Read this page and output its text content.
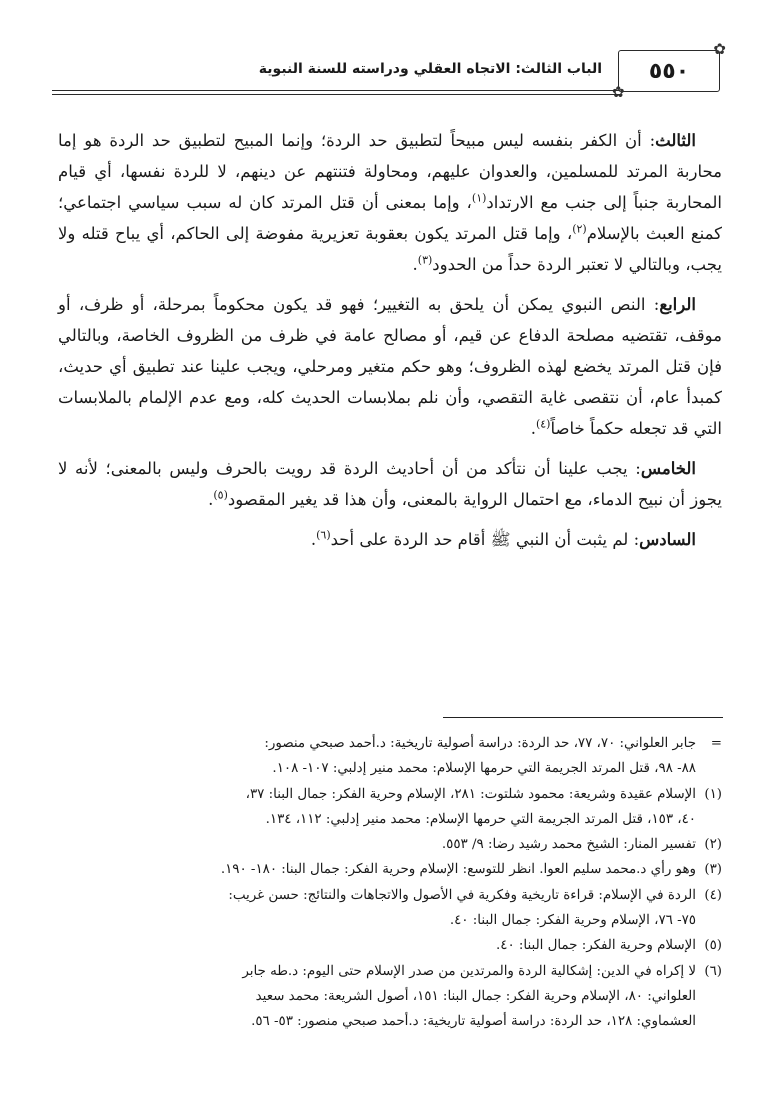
✿
٥٥٠
✿
الباب الثالث: الاتجاه العقلي ودراسته للسنة النبوية

الثالث: أن الكفر بنفسه ليس مبيحاً لتطبيق حد الردة؛ وإنما المبيح لتطبيق حد الردة هو إما محاربة المرتد للمسلمين، والعدوان عليهم، ومحاولة فتنتهم عن دينهم، لا للردة نفسها، أي قيام المحاربة جنباً إلى جنب مع الارتداد$^{(١)}$، وإما بمعنى أن قتل المرتد كان له سبب سياسي اجتماعي؛ كمنع العبث بالإسلام$^{(٢)}$، وإما قتل المرتد يكون بعقوبة تعزيرية مفوضة إلى الحاكم، أي يباح قتله ولا يجب، وبالتالي لا تعتبر الردة حداً من الحدود$^{(٣)}$.

الرابع: النص النبوي يمكن أن يلحق به التغيير؛ فهو قد يكون محكوماً بمرحلة، أو ظرف، أو موقف، تقتضيه مصلحة الدفاع عن قيم، أو مصالح عامة في ظرف من الظروف الخاصة، وبالتالي فإن قتل المرتد يخضع لهذه الظروف؛ وهو حكم متغير ومرحلي، ويجب علينا عند تطبيق أي حديث، كمبدأ عام، أن نتقصى غاية التقصي، وأن نلم بملابسات الحديث كله، ومع عدم الإلمام بالملابسات التي قد تجعله حكماً خاصاً$^{(٤)}$.

الخامس: يجب علينا أن نتأكد من أن أحاديث الردة قد رويت بالحرف وليس بالمعنى؛ لأنه لا يجوز أن نبيح الدماء، مع احتمال الرواية بالمعنى، وأن هذا قد يغير المقصود$^{(٥)}$.

السادس: لم يثبت أن النبي ﷺ أقام حد الردة على أحد$^{(٦)}$.

=جابر العلواني: ٧٠، ٧٧، حد الردة: دراسة أصولية تاريخية: د.أحمد صبحي منصور:
٨٨- ٩٨، قتل المرتد الجريمة التي حرمها الإسلام: محمد منير إدلبي: ١٠٧- ١٠٨.
(١)الإسلام عقيدة وشريعة: محمود شلتوت: ٢٨١، الإسلام وحرية الفكر: جمال البنا: ٣٧،
٤٠، ١٥٣، قتل المرتد الجريمة التي حرمها الإسلام: محمد منير إدلبي: ١١٢، ١٣٤.
(٢)تفسير المنار: الشيخ محمد رشيد رضا: ٩/ ٥٥٣.
(٣)وهو رأي د.محمد سليم العوا. انظر للتوسع: الإسلام وحرية الفكر: جمال البنا: ١٨٠- ١٩٠.
(٤)الردة في الإسلام: قراءة تاريخية وفكرية في الأصول والاتجاهات والنتائج: حسن غريب:
٧٥- ٧٦، الإسلام وحرية الفكر: جمال البنا: ٤٠.
(٥)الإسلام وحرية الفكر: جمال البنا: ٤٠.
(٦)لا إكراه في الدين: إشكالية الردة والمرتدين من صدر الإسلام حتى اليوم: د.طه جابر
العلواني: ٨٠، الإسلام وحرية الفكر: جمال البنا: ١٥١، أصول الشريعة: محمد سعيد
العشماوي: ١٢٨، حد الردة: دراسة أصولية تاريخية: د.أحمد صبحي منصور: ٥٣- ٥٦.
